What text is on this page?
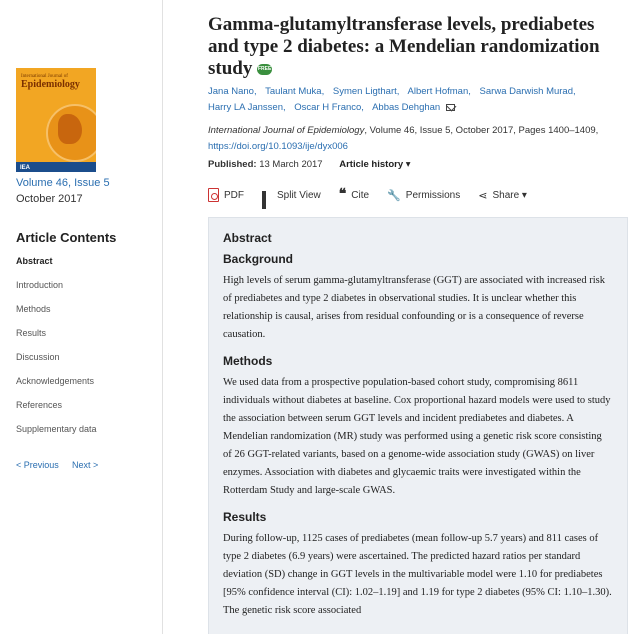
International Journal of
Epidemiology
IEA
Volume 46, Issue 5
October 2017
Article Contents
Abstract
Introduction
Methods
Results
Discussion
Acknowledgements
References
Supplementary data
< Previous Next >
Gamma-glutamyltransferase levels, prediabetes and type 2 diabetes: a Mendelian randomization study FREE
Jana Nano, Taulant Muka, Symen Ligthart, Albert Hofman, Sarwa Darwish Murad, Harry LA Janssen, Oscar H Franco, Abbas Dehghan
International Journal of Epidemiology, Volume 46, Issue 5, October 2017, Pages 1400–1409, https://doi.org/10.1093/ije/dyx006
Published: 13 March 2017 Article history ▾
PDF	Split View ❝ Cite 🔧 Permissions ⋖ Share ▾
Abstract
Background

High levels of serum gamma-glutamyltransferase (GGT) are associated with increased risk of prediabetes and type 2 diabetes in observational studies. It is unclear whether this relationship is causal, arises from residual confounding or is a consequence of reverse causation.

Methods

We used data from a prospective population-based cohort study, compromising 8611 individuals without diabetes at baseline. Cox proportional hazard models were used to study the association between serum GGT levels and incident prediabetes and diabetes. A Mendelian randomization (MR) study was performed using a genetic risk score consisting of 26 GGT-related variants, based on a genome-wide association study (GWAS) on liver enzymes. Association with diabetes and glycaemic traits were investigated within the Rotterdam Study and large-scale GWAS.

Results

During follow-up, 1125 cases of prediabetes (mean follow-up 5.7 years) and 811 cases of type 2 diabetes (6.9 years) were ascertained. The predicted hazard ratios per standard deviation (SD) change in GGT levels in the multivariable model were 1.10 for prediabetes [95% confidence interval (CI): 1.02–1.19] and 1.19 for type 2 diabetes (95% CI: 1.10–1.30). The genetic risk score associated
